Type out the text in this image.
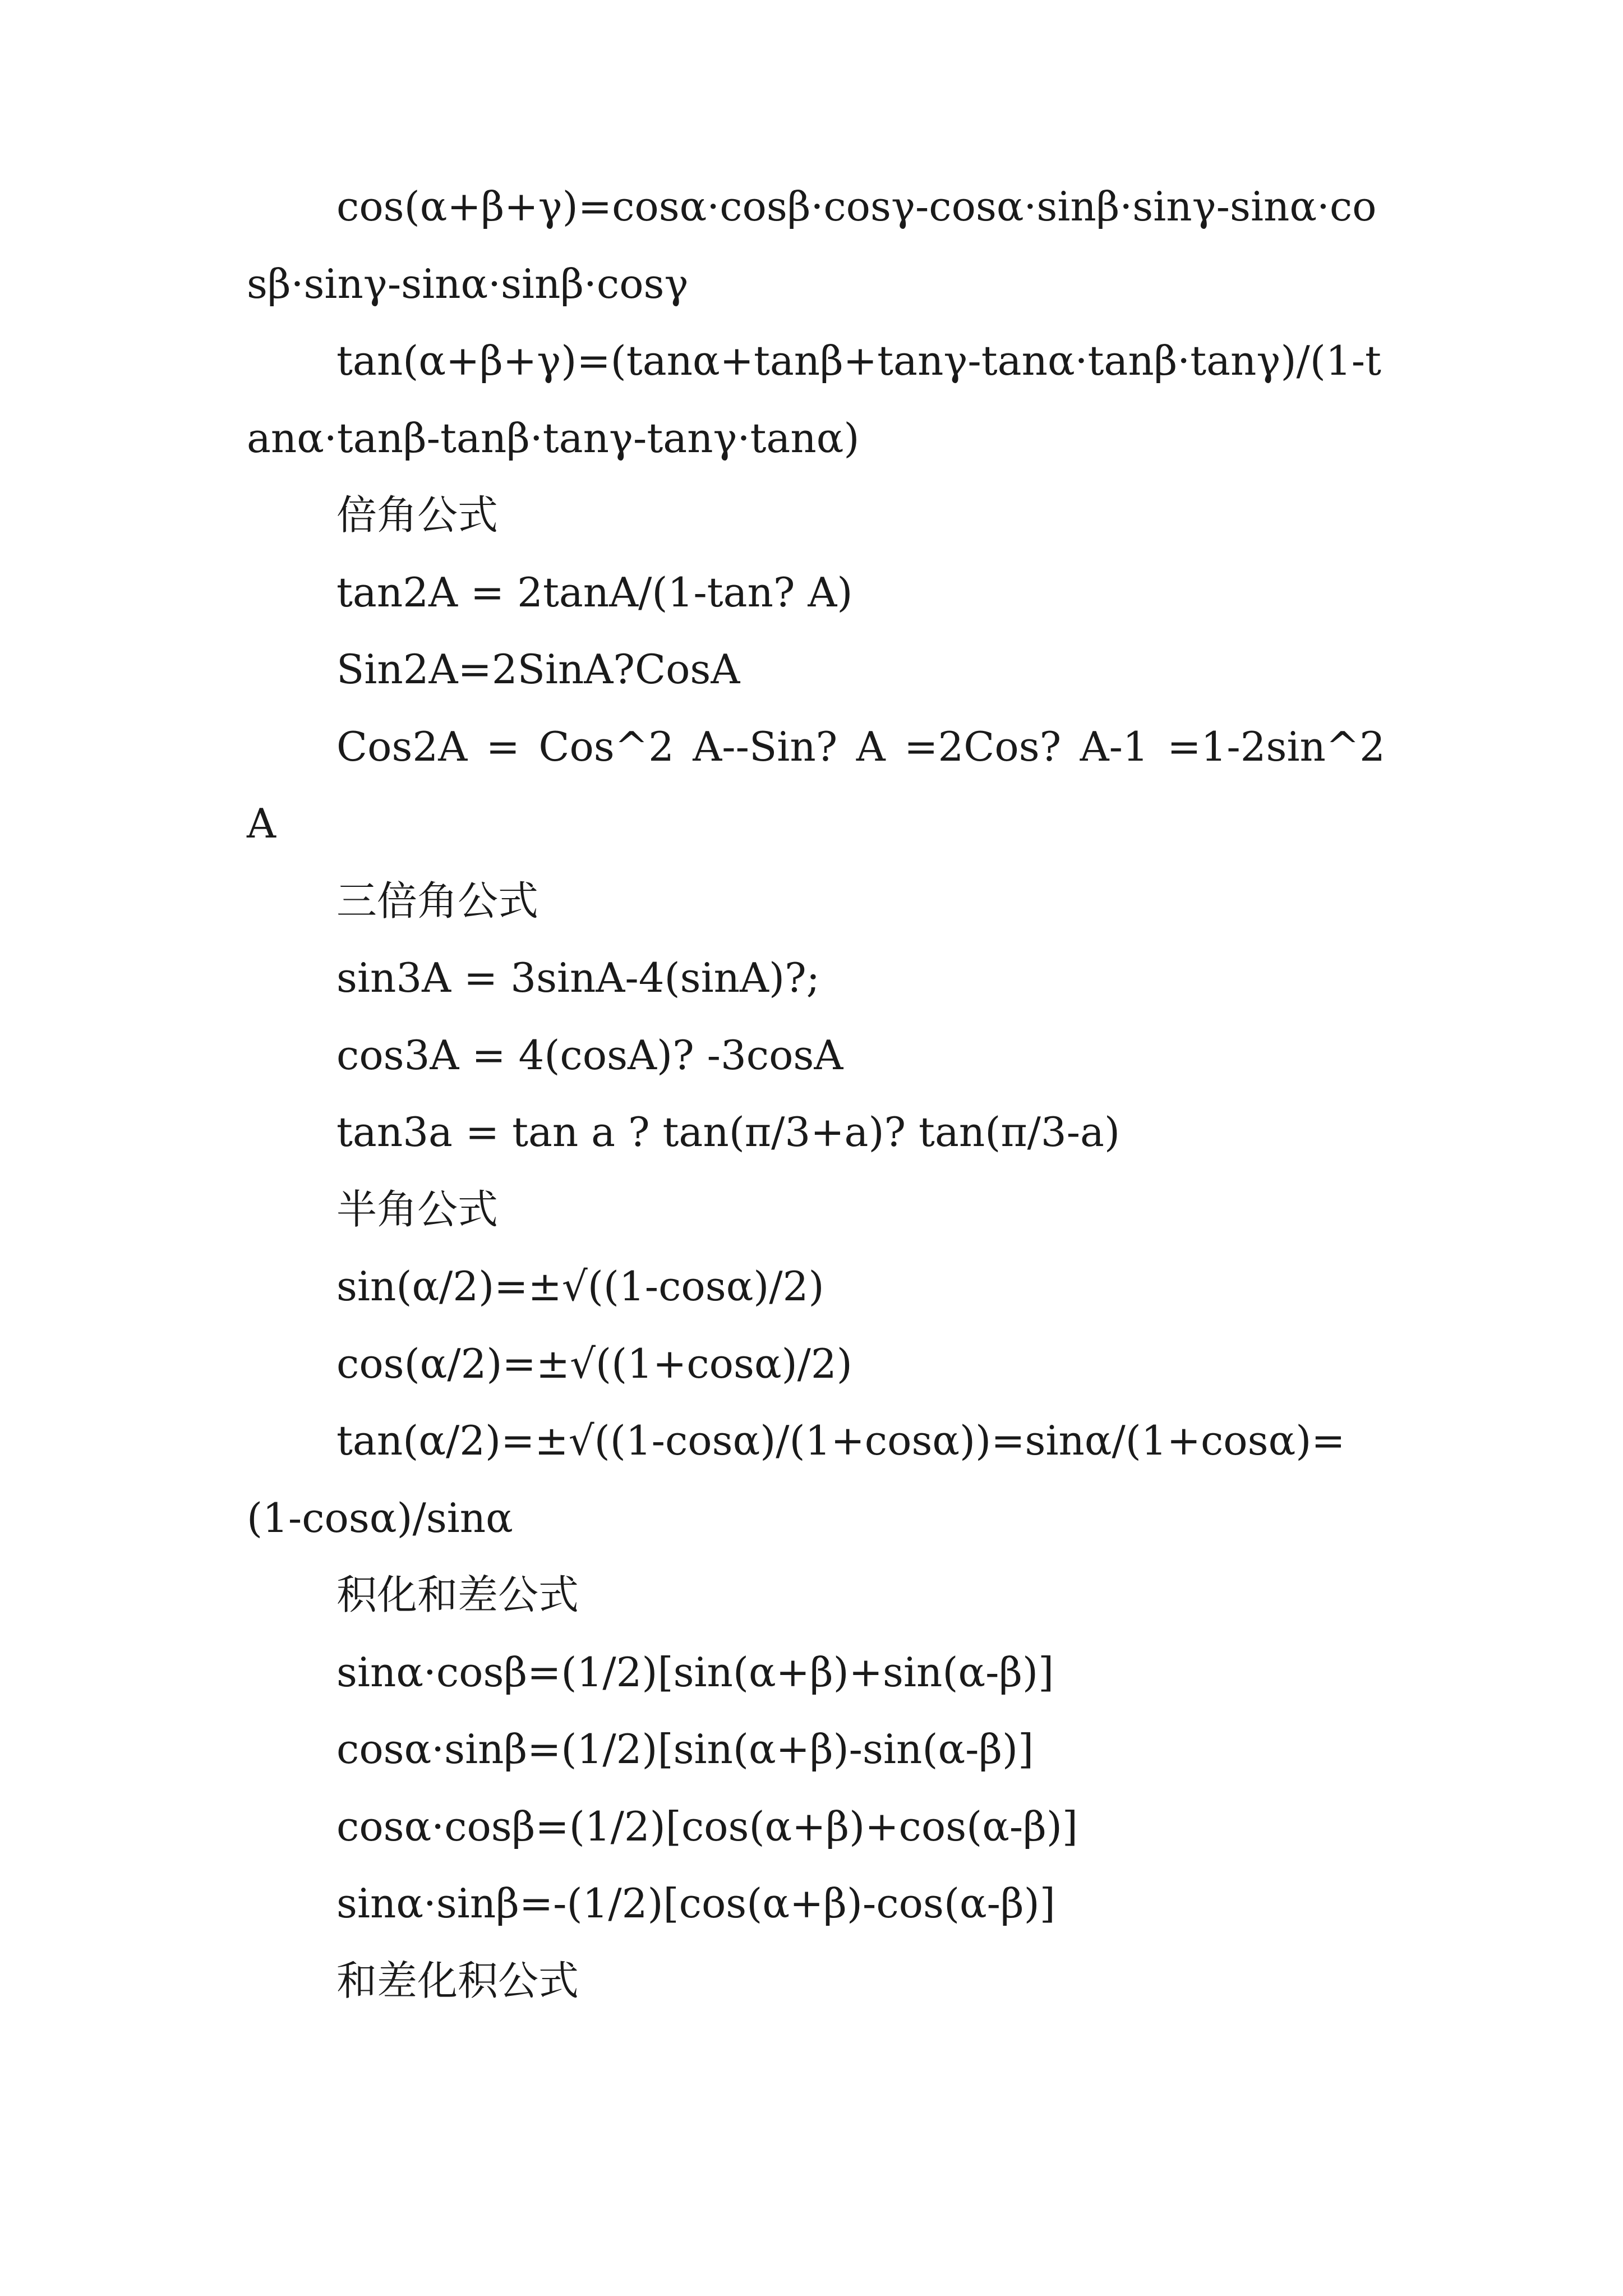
cos(α+β+γ)=cosα·cosβ·cosγ-cosα·sinβ·sinγ-sinα·cosβ·sinγ-sinα·sinβ·cosγ

tan(α+β+γ)=(tanα+tanβ+tanγ-tanα·tanβ·tanγ)/(1-tanα·tanβ-tanβ·tanγ-tanγ·tanα)

倍角公式

tan2A = 2tanA/(1-tan? A)

Sin2A=2SinA?CosA

Cos2A = Cos^2 A--Sin? A =2Cos? A-1 =1-2sin^2 A

三倍角公式

sin3A = 3sinA-4(sinA)?;

cos3A = 4(cosA)? -3cosA

tan3a = tan a ? tan(π/3+a)? tan(π/3-a)

半角公式

sin(α/2)=±√((1-cosα)/2)

cos(α/2)=±√((1+cosα)/2)

tan(α/2)=±√((1-cosα)/(1+cosα))=sinα/(1+cosα)=(1-cosα)/sinα

积化和差公式

sinα·cosβ=(1/2)[sin(α+β)+sin(α-β)]

cosα·sinβ=(1/2)[sin(α+β)-sin(α-β)]

cosα·cosβ=(1/2)[cos(α+β)+cos(α-β)]

sinα·sinβ=-(1/2)[cos(α+β)-cos(α-β)]

和差化积公式
